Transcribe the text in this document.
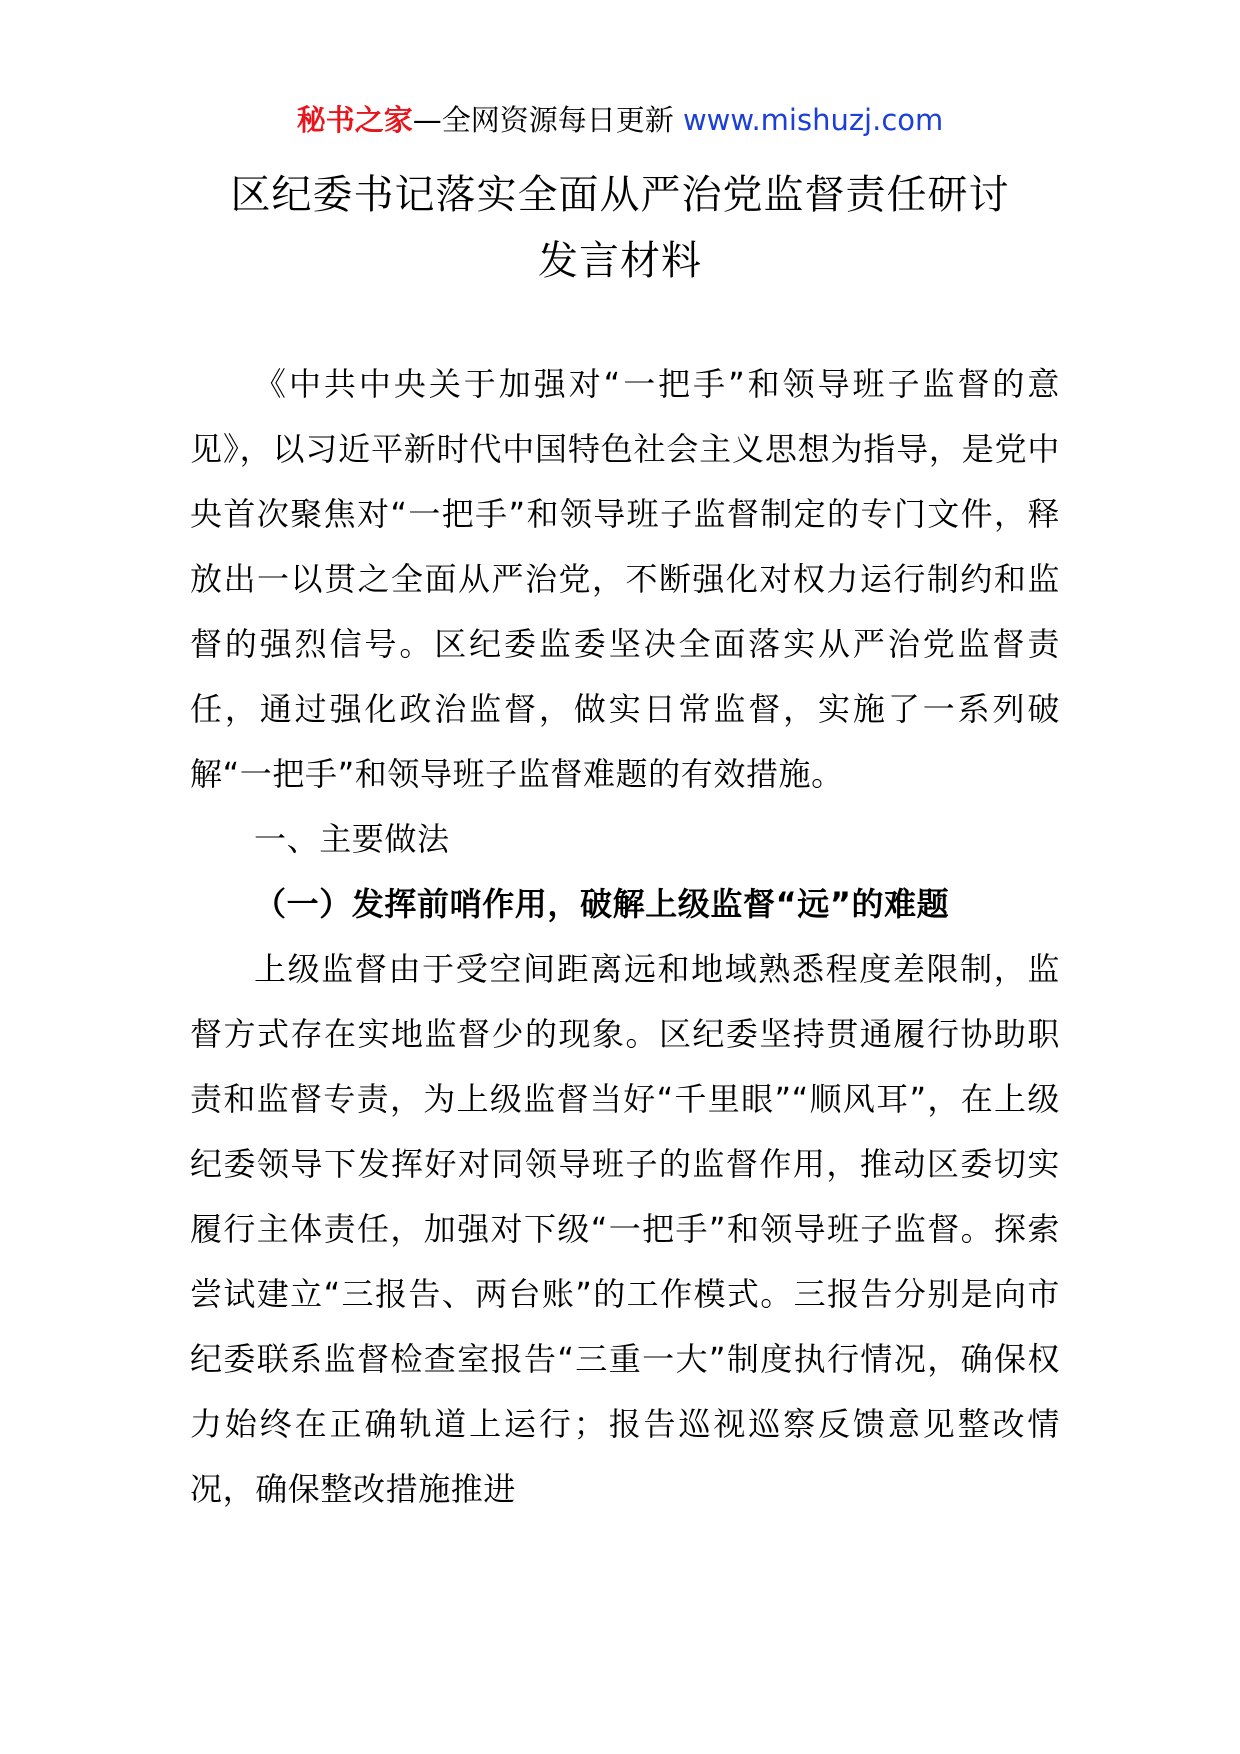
秘书之家—全网资源每日更新 www.mishuzj.com
区纪委书记落实全面从严治党监督责任研讨
发言材料

《中共中央关于加强对“一把手”和领导班子监督的意见》，以习近平新时代中国特色社会主义思想为指导，是党中央首次聚焦对“一把手”和领导班子监督制定的专门文件，释放出一以贯之全面从严治党，不断强化对权力运行制约和监督的强烈信号。区纪委监委坚决全面落实从严治党监督责任，通过强化政治监督，做实日常监督，实施了一系列破解“一把手”和领导班子监督难题的有效措施。

一、主要做法

（一）发挥前哨作用，破解上级监督“远”的难题

上级监督由于受空间距离远和地域熟悉程度差限制，监督方式存在实地监督少的现象。区纪委坚持贯通履行协助职责和监督专责，为上级监督当好“千里眼”“顺风耳”，在上级纪委领导下发挥好对同领导班子的监督作用，推动区委切实履行主体责任，加强对下级“一把手”和领导班子监督。探索尝试建立“三报告、两台账”的工作模式。三报告分别是向市纪委联系监督检查室报告“三重一大”制度执行情况，确保权力始终在正确轨道上运行；报告巡视巡察反馈意见整改情况，确保整改措施推进
